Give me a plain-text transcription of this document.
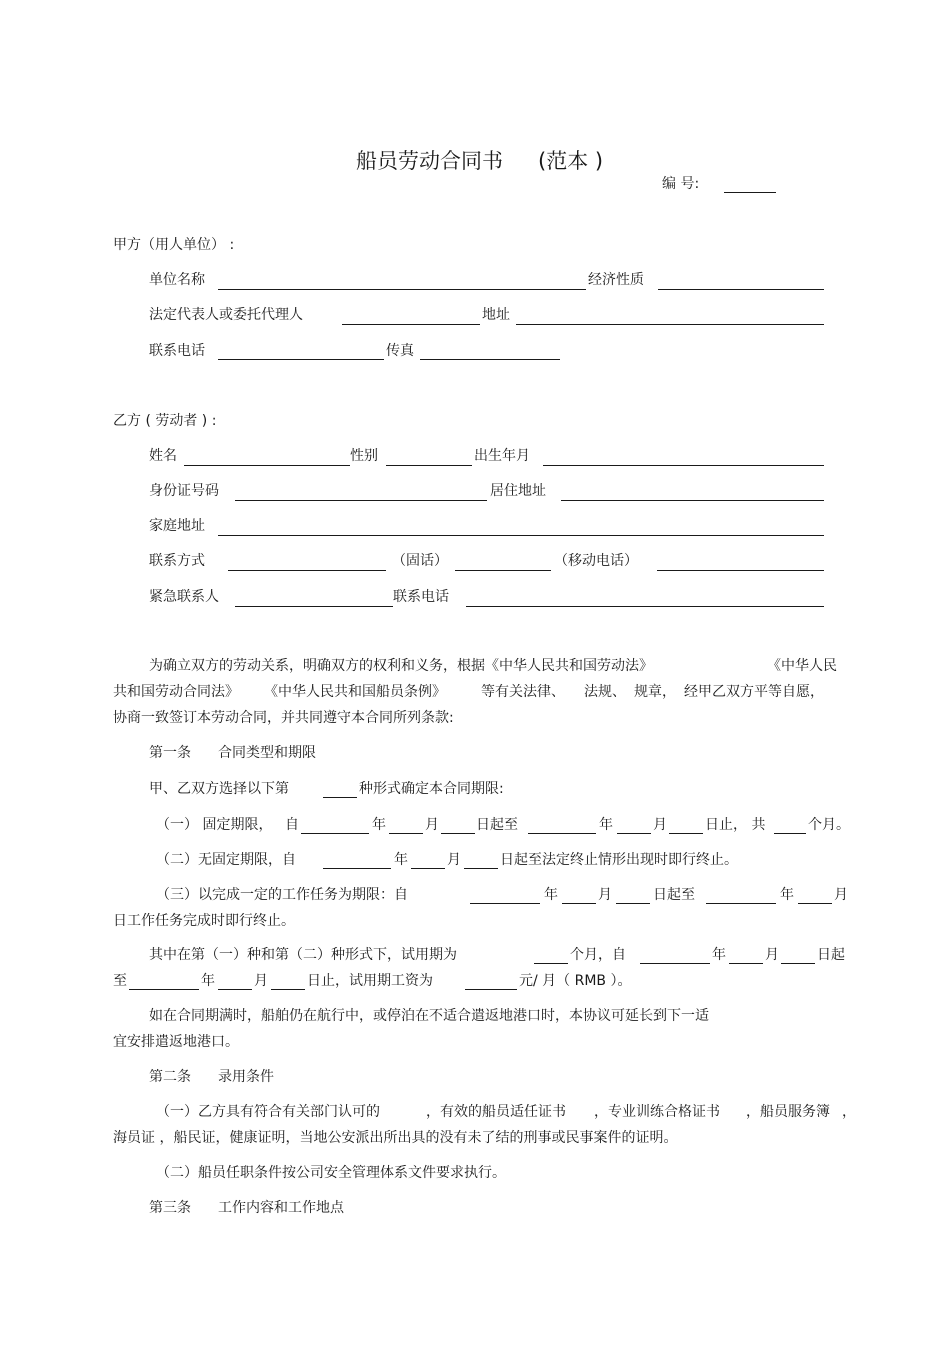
船员劳动合同书 (范本 )
编 号:
甲方（用人单位） :
单位名称	经济性质
法定代表人或委托代理人	地址
联系电话	传真
乙方 ( 劳动者 ) :
姓名	性别	出生年月
身份证号码	居住地址
家庭地址
联系方式	（固话）	（移动电话）
紧急联系人	联系电话
为确立双方的劳动关系，明确双方的权利和义务，根据《中华人民共和国劳动法》	《中华人民
共和国劳动合同法》 《中华人民共和国船员条例》	等有关法律、 法规、 规章， 经甲乙双方平等自愿，
协商一致签订本劳动合同，并共同遵守本合同所列条款:
第一条 合同类型和期限
甲、乙双方选择以下第	种形式确定本合同期限:
（一） 固定期限， 自	年	月	日起至	年	月	日止， 共	个月。
（二）无固定期限，自	年	月	日起至法定终止情形出现时即行终止。
（三）以完成一定的工作任务为期限：自	年	月	日起至	年	月
日工作任务完成时即行终止。
其中在第（一）种和第（二）种形式下，试用期为	个月，自	年	月	日起
至	年	月	日止，试用期工资为	元/ 月（ RMB ）。
如在合同期满时，船舶仍在航行中，或停泊在不适合遣返地港口时，本协议可延长到下一适
宜安排遣返地港口。
第二条 录用条件
（一）乙方具有符合有关部门认可的	，有效的船员适任证书 ，专业训练合格证书 ，船员服务簿 ，
海员证 ，船民证，健康证明，当地公安派出所出具的没有未了结的刑事或民事案件的证明。
（二）船员任职条件按公司安全管理体系文件要求执行。
第三条 工作内容和工作地点
